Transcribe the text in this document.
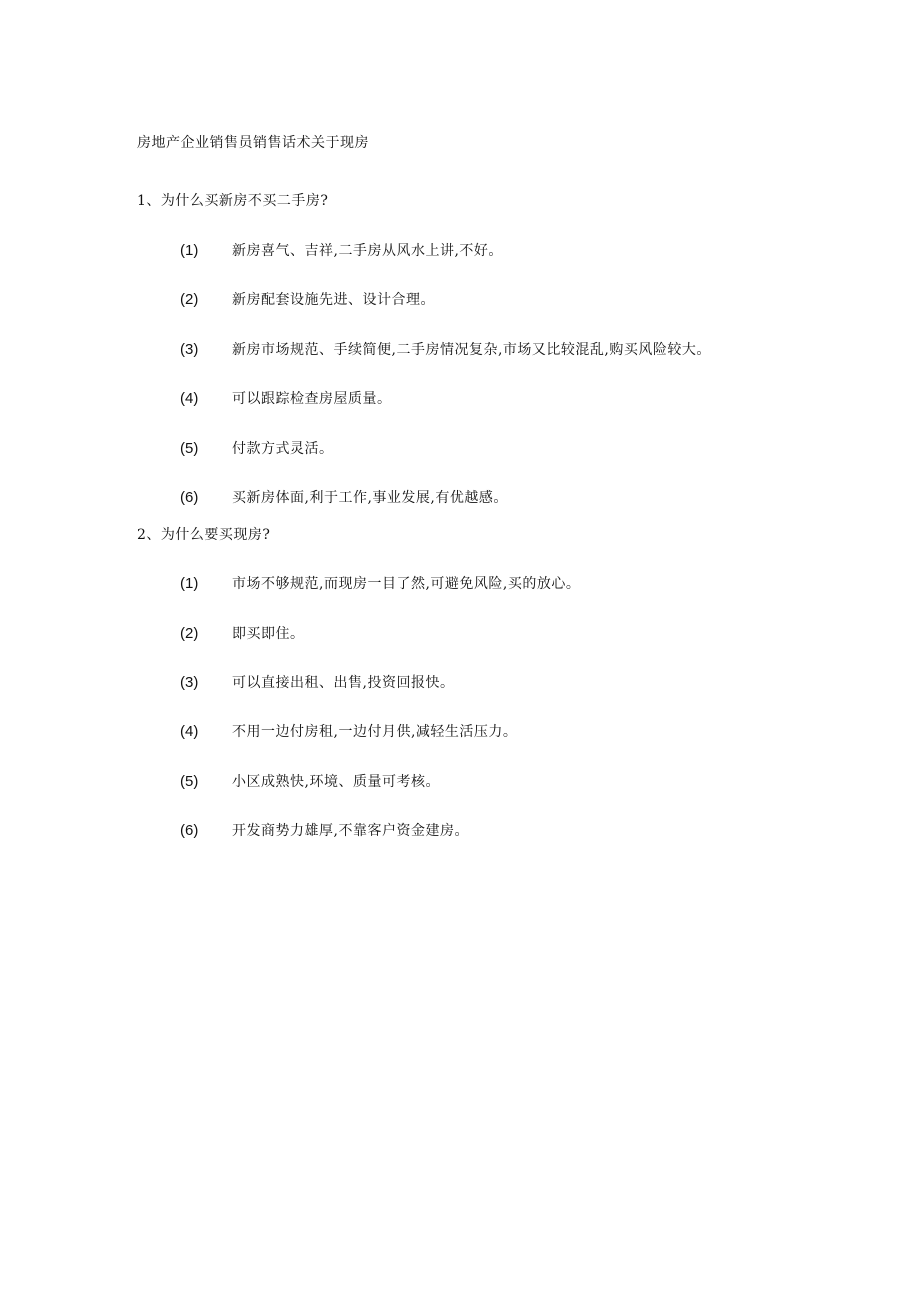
房地产企业销售员销售话术关于现房
1、为什么买新房不买二手房?
(1) 新房喜气、吉祥,二手房从风水上讲,不好。
(2) 新房配套设施先进、设计合理。
(3) 新房市场规范、手续简便,二手房情况复杂,市场又比较混乱,购买风险较大。
(4) 可以跟踪检查房屋质量。
(5) 付款方式灵活。
(6) 买新房体面,利于工作,事业发展,有优越感。
2、为什么要买现房?
(1) 市场不够规范,而现房一目了然,可避免风险,买的放心。
(2) 即买即住。
(3) 可以直接出租、出售,投资回报快。
(4) 不用一边付房租,一边付月供,减轻生活压力。
(5) 小区成熟快,环境、质量可考核。
(6) 开发商势力雄厚,不靠客户资金建房。
